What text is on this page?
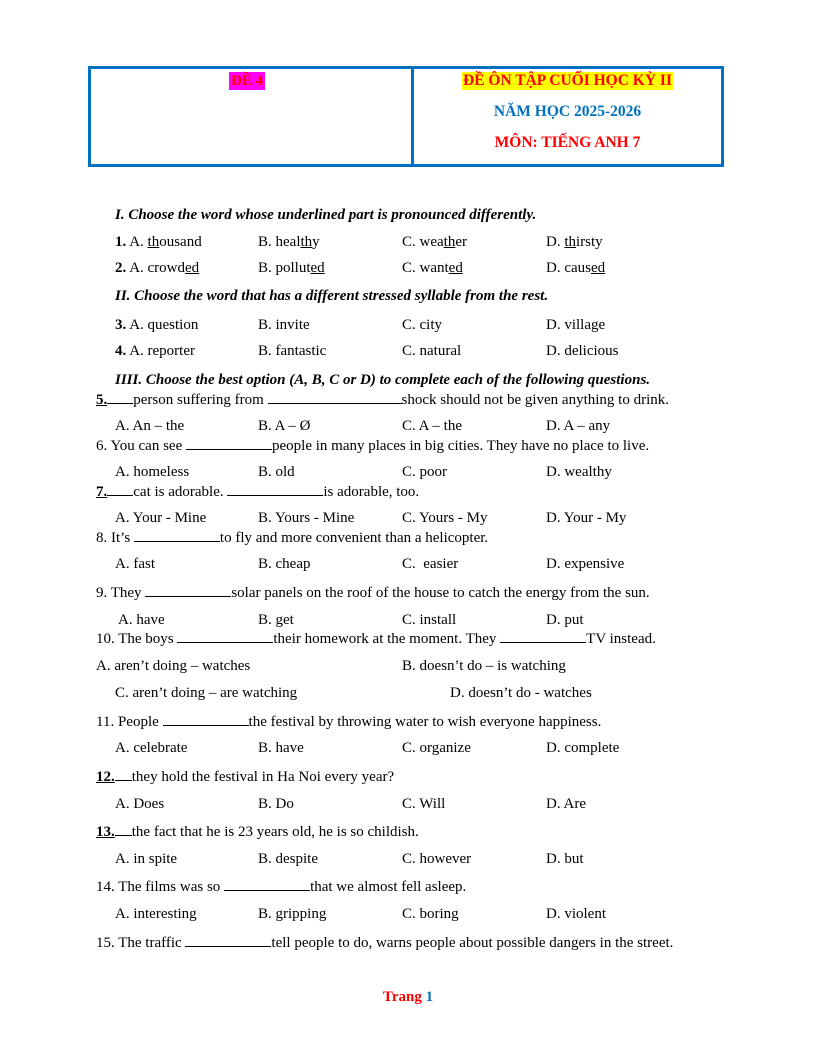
ĐỀ 4	ĐỀ ÔN TẬP CUỐI HỌC KỲ II
NĂM HỌC 2025-2026
MÔN: TIẾNG ANH 7
I. Choose the word whose underlined part is pronounced differently.
1. A. thousand	B. healthy	C. weather	D. thirsty
2. A. crowded	B. polluted	C. wanted	D. caused
II. Choose the word that has a different stressed syllable from the rest.
3. A. question	B. invite	C. city	D. village
4. A. reporter	B. fantastic	C. natural	D. delicious
IIII. Choose the best option (A, B, C or D) to complete each of the following questions.
5. person suffering from	shock should not be given anything to drink.
A. An – the	B. A – Ø	C. A – the	D. A – any
6. You can see	people in many places in big cities. They have no place to live.
A. homeless	B. old	C. poor	D. wealthy
7. cat is adorable.	is adorable, too.
A. Your - Mine	B. Yours - Mine	C. Yours - My	D. Your - My
8. It’s	to fly and more convenient than a helicopter.
A. fast	B. cheap	C.  easier	D. expensive
9. They	solar panels on the roof of the house to catch the energy from the sun.
A. have	B. get	C. install	D. put
10. The boys	their homework at the moment. They	TV instead.
A. aren’t doing – watches	B. doesn’t do – is watching
C. aren’t doing – are watching	D. doesn’t do - watches
11. People	the festival by throwing water to wish everyone happiness.
A. celebrate	B. have	C. organize	D. complete
12. they hold the festival in Ha Noi every year?
A. Does	B. Do	C. Will	D. Are
13. the fact that he is 23 years old, he is so childish.
A. in spite	B. despite	C. however	D. but
14. The films was so	that we almost fell asleep.
A. interesting	B. gripping	C. boring	D. violent
15. The traffic	tell people to do, warns people about possible dangers in the street.
Trang 1
